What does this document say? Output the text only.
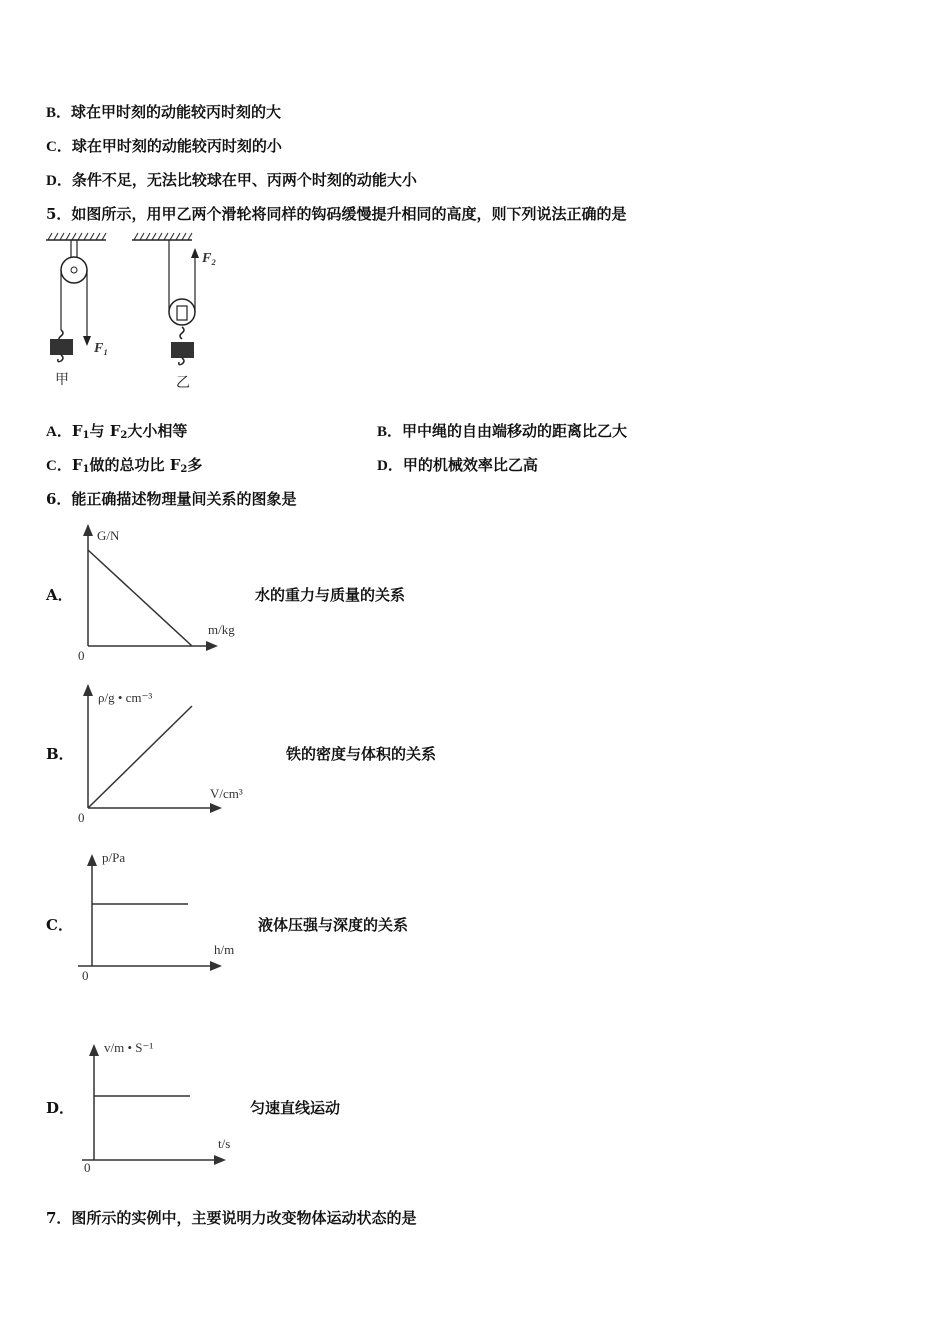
B．球在甲时刻的动能较丙时刻的大
C．球在甲时刻的动能较丙时刻的小
D．条件不足，无法比较球在甲、丙两个时刻的动能大小
5．如图所示，用甲乙两个滑轮将同样的钩码缓慢提升相同的高度，则下列说法正确的是
F₁
甲
F₂
乙
A．$F_1$与 $F_2$大小相等	B．甲中绳的自由端移动的距离比乙大
C．$F_1$做的总功比 $F_2$多	D．甲的机械效率比乙高
6．能正确描述物理量间关系的图象是
A．
G/N
m/kg
0
水的重力与质量的关系
B．
ρ/g • cm⁻³
V/cm³
0
铁的密度与体积的关系
C．
p/Pa
h/m
0
液体压强与深度的关系
D．
v/m • S⁻¹
t/s
0
匀速直线运动
7．图所示的实例中，主要说明力改变物体运动状态的是
